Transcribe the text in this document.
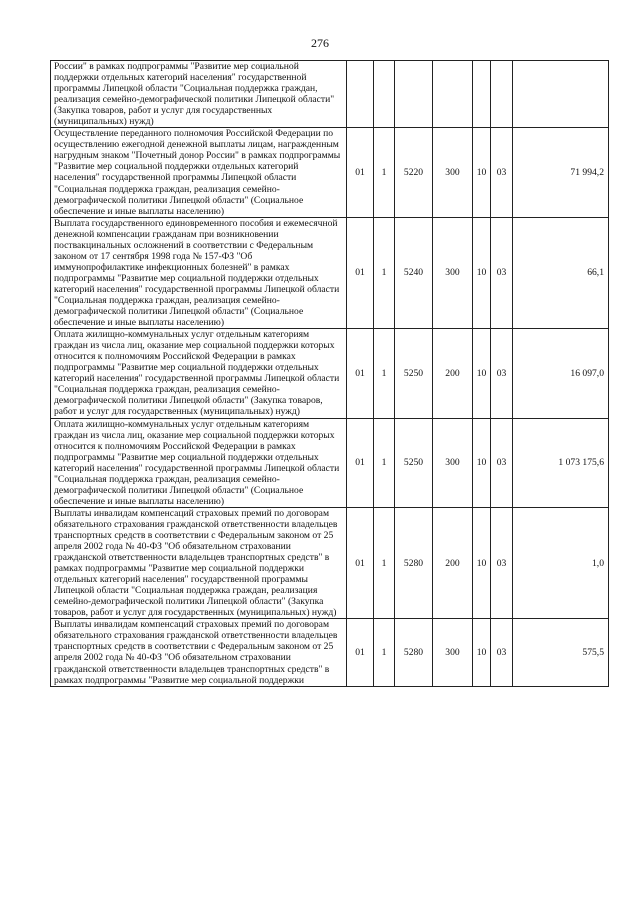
276
России" в рамках подпрограммы "Развитие мер социальной поддержки отдельных категорий населения" государственной программы Липецкой области "Социальная поддержка граждан, реализация семейно-демографической политики Липецкой области" (Закупка товаров, работ и услуг для государственных (муниципальных) нужд)							
Осуществление переданного полномочия Российской Федерации по осуществлению ежегодной денежной выплаты лицам, награжденным нагрудным знаком "Почетный донор России" в рамках подпрограммы "Развитие мер социальной поддержки отдельных категорий населения" государственной программы Липецкой области "Социальная поддержка граждан, реализация семейно-демографической политики Липецкой области" (Социальное обеспечение и иные выплаты населению)	01	1	5220	300	10	03	71 994,2
Выплата государственного единовременного пособия и ежемесячной денежной компенсации гражданам при возникновении поствакцинальных осложнений в соответствии с Федеральным законом от 17 сентября 1998 года № 157-ФЗ "Об иммунопрофилактике инфекционных болезней" в рамках подпрограммы "Развитие мер социальной поддержки отдельных категорий населения" государственной программы Липецкой области "Социальная поддержка граждан, реализация семейно-демографической политики Липецкой области" (Социальное обеспечение и иные выплаты населению)	01	1	5240	300	10	03	66,1
Оплата жилищно-коммунальных услуг отдельным категориям граждан из числа лиц, оказание мер социальной поддержки которых относится к полномочиям Российской Федерации в рамках подпрограммы "Развитие мер социальной поддержки отдельных категорий населения" государственной программы Липецкой области "Социальная поддержка граждан, реализация семейно-демографической политики Липецкой области" (Закупка товаров, работ и услуг для государственных (муниципальных) нужд)	01	1	5250	200	10	03	16 097,0
Оплата жилищно-коммунальных услуг отдельным категориям граждан из числа лиц, оказание мер социальной поддержки которых относится к полномочиям Российской Федерации в рамках подпрограммы "Развитие мер социальной поддержки отдельных категорий населения" государственной программы Липецкой области "Социальная поддержка граждан, реализация семейно-демографической политики Липецкой области" (Социальное обеспечение и иные выплаты населению)	01	1	5250	300	10	03	1 073 175,6
Выплаты инвалидам компенсаций страховых премий по договорам обязательного страхования гражданской ответственности владельцев транспортных средств в соответствии с Федеральным законом от 25 апреля 2002 года № 40-ФЗ "Об обязательном страховании гражданской ответственности владельцев транспортных средств" в рамках подпрограммы "Развитие мер социальной поддержки отдельных категорий населения" государственной программы Липецкой области "Социальная поддержка граждан, реализация семейно-демографической политики Липецкой области" (Закупка товаров, работ и услуг для государственных (муниципальных) нужд)	01	1	5280	200	10	03	1,0
Выплаты инвалидам компенсаций страховых премий по договорам обязательного страхования гражданской ответственности владельцев транспортных средств в соответствии с Федеральным законом от 25 апреля 2002 года № 40-ФЗ "Об обязательном страховании гражданской ответственности владельцев транспортных средств" в рамках подпрограммы "Развитие мер социальной поддержки	01	1	5280	300	10	03	575,5
